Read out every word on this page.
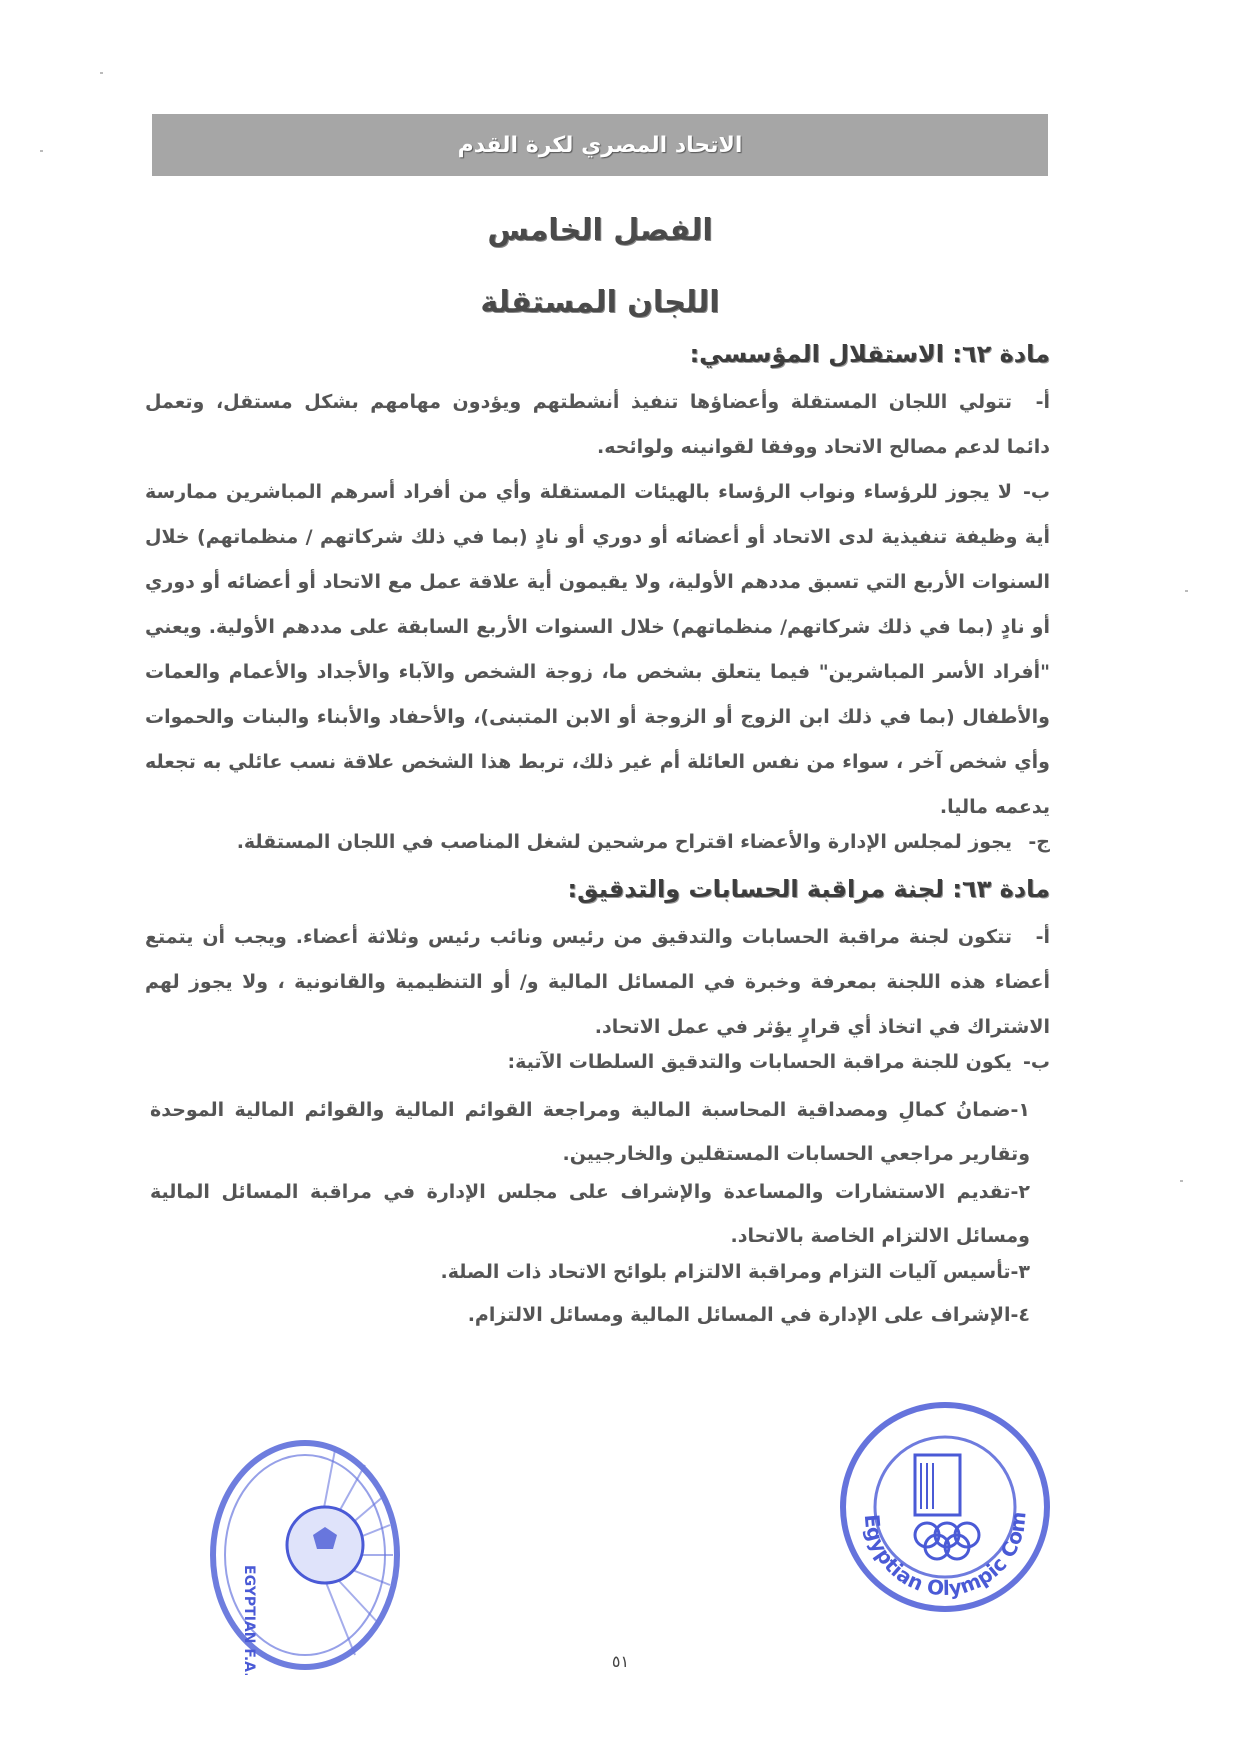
الاتحاد المصري لكرة القدم
الفصل الخامس
اللجان المستقلة
مادة ٦٢: الاستقلال المؤسسي:
أ-تتولي اللجان المستقلة وأعضاؤها تنفيذ أنشطتهم ويؤدون مهامهم بشكل مستقل، وتعمل دائما لدعم مصالح الاتحاد ووفقا لقوانينه ولوائحه.
ب-لا يجوز للرؤساء ونواب الرؤساء بالهيئات المستقلة وأي من أفراد أسرهم المباشرين ممارسة أية وظيفة تنفيذية لدى الاتحاد أو أعضائه أو دوري أو نادٍ (بما في ذلك شركاتهم / منظماتهم) خلال السنوات الأربع التي تسبق مددهم الأولية، ولا يقيمون أية علاقة عمل مع الاتحاد أو أعضائه أو دوري أو نادٍ (بما في ذلك شركاتهم/ منظماتهم) خلال السنوات الأربع السابقة على مددهم الأولية. ويعني "أفراد الأسر المباشرين" فيما يتعلق بشخص ما، زوجة الشخص والآباء والأجداد والأعمام والعمات والأطفال (بما في ذلك ابن الزوج أو الزوجة أو الابن المتبنى)، والأحفاد والأبناء والبنات والحموات وأي شخص آخر ، سواء من نفس العائلة أم غير ذلك، تربط هذا الشخص علاقة نسب عائلي به تجعله يدعمه ماليا.
ج-يجوز لمجلس الإدارة والأعضاء اقتراح مرشحين لشغل المناصب في اللجان المستقلة.
مادة ٦٣: لجنة مراقبة الحسابات والتدقيق:
أ-تتكون لجنة مراقبة الحسابات والتدقيق من رئيس ونائب رئيس وثلاثة أعضاء. ويجب أن يتمتع أعضاء هذه اللجنة بمعرفة وخبرة في المسائل المالية و/ أو التنظيمية والقانونية ، ولا يجوز لهم الاشتراك في اتخاذ أي قرارٍ يؤثر في عمل الاتحاد.
ب-يكون للجنة مراقبة الحسابات والتدقيق السلطات الآتية:
١-ضمانُ كمالِ ومصداقية المحاسبة المالية ومراجعة القوائم المالية والقوائم المالية الموحدة وتقارير مراجعي الحسابات المستقلين والخارجيين.
٢-تقديم الاستشارات والمساعدة والإشراف على مجلس الإدارة في مراقبة المسائل المالية ومسائل الالتزام الخاصة بالاتحاد.
٣-تأسيس آليات التزام ومراقبة الالتزام بلوائح الاتحاد ذات الصلة.
٤-الإشراف على الإدارة في المسائل المالية ومسائل الالتزام.
EGYPTIAN F.A.
Egyptian Olympic Com
٥١
